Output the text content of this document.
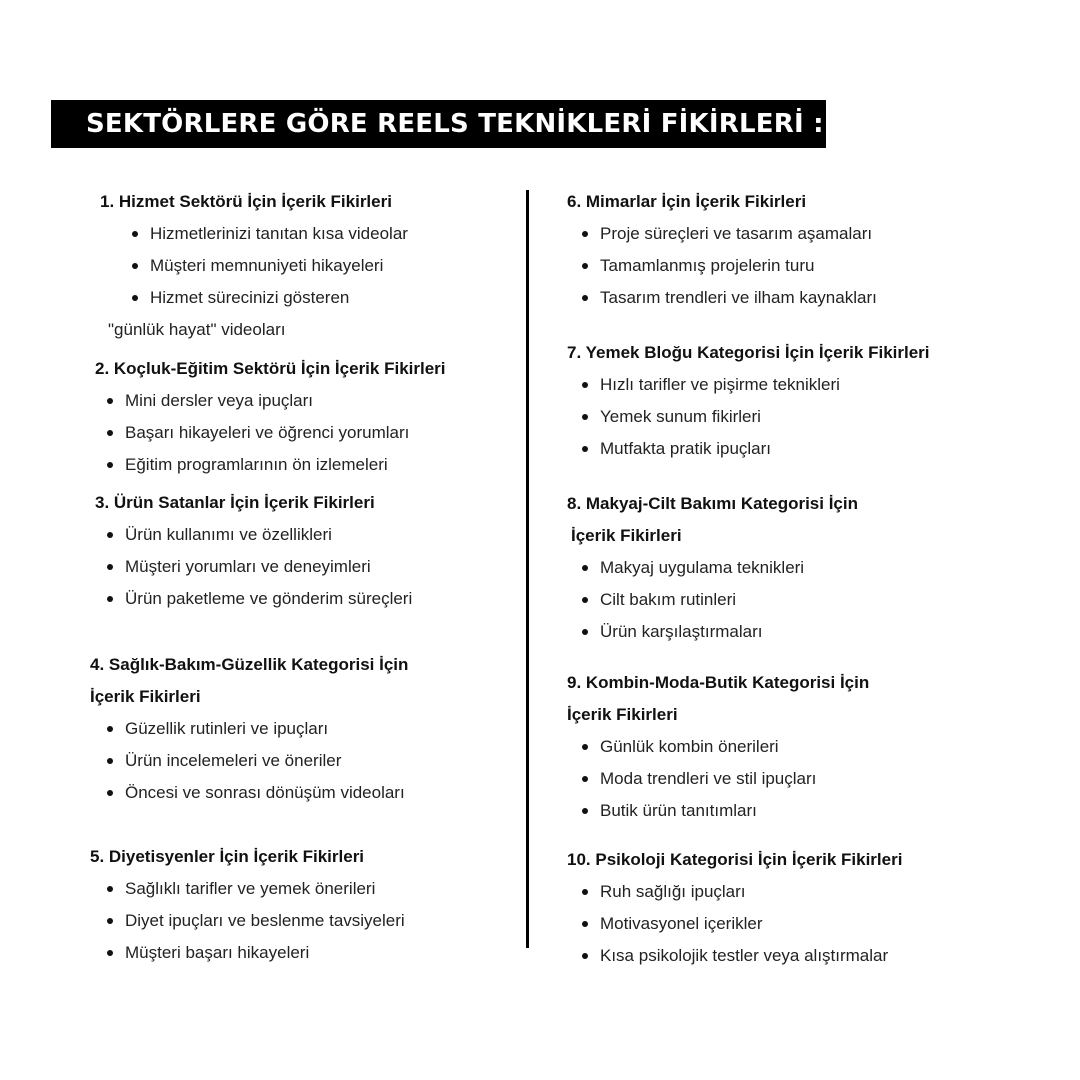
SEKTÖRLERE GÖRE REELS TEKNİKLERİ FİKİRLERİ :
1. Hizmet Sektörü İçin İçerik Fikirleri
Hizmetlerinizi tanıtan kısa videolar
Müşteri memnuniyeti hikayeleri
Hizmet sürecinizi gösteren
"günlük hayat" videoları
2. Koçluk-Eğitim Sektörü İçin İçerik Fikirleri
Mini dersler veya ipuçları
Başarı hikayeleri ve öğrenci yorumları
Eğitim programlarının ön izlemeleri
3. Ürün Satanlar İçin İçerik Fikirleri
Ürün kullanımı ve özellikleri
Müşteri yorumları ve deneyimleri
Ürün paketleme ve gönderim süreçleri
4. Sağlık-Bakım-Güzellik Kategorisi İçin
İçerik Fikirleri
Güzellik rutinleri ve ipuçları
Ürün incelemeleri ve öneriler
Öncesi ve sonrası dönüşüm videoları
5. Diyetisyenler İçin İçerik Fikirleri
Sağlıklı tarifler ve yemek önerileri
Diyet ipuçları ve beslenme tavsiyeleri
Müşteri başarı hikayeleri
6. Mimarlar İçin İçerik Fikirleri
Proje süreçleri ve tasarım aşamaları
Tamamlanmış projelerin turu
Tasarım trendleri ve ilham kaynakları
7. Yemek Bloğu Kategorisi İçin İçerik Fikirleri
Hızlı tarifler ve pişirme teknikleri
Yemek sunum fikirleri
Mutfakta pratik ipuçları
8. Makyaj-Cilt Bakımı Kategorisi İçin
İçerik Fikirleri
Makyaj uygulama teknikleri
Cilt bakım rutinleri
Ürün karşılaştırmaları
9. Kombin-Moda-Butik Kategorisi İçin
İçerik Fikirleri
Günlük kombin önerileri
Moda trendleri ve stil ipuçları
Butik ürün tanıtımları
10. Psikoloji Kategorisi İçin İçerik Fikirleri
Ruh sağlığı ipuçları
Motivasyonel içerikler
Kısa psikolojik testler veya alıştırmalar
